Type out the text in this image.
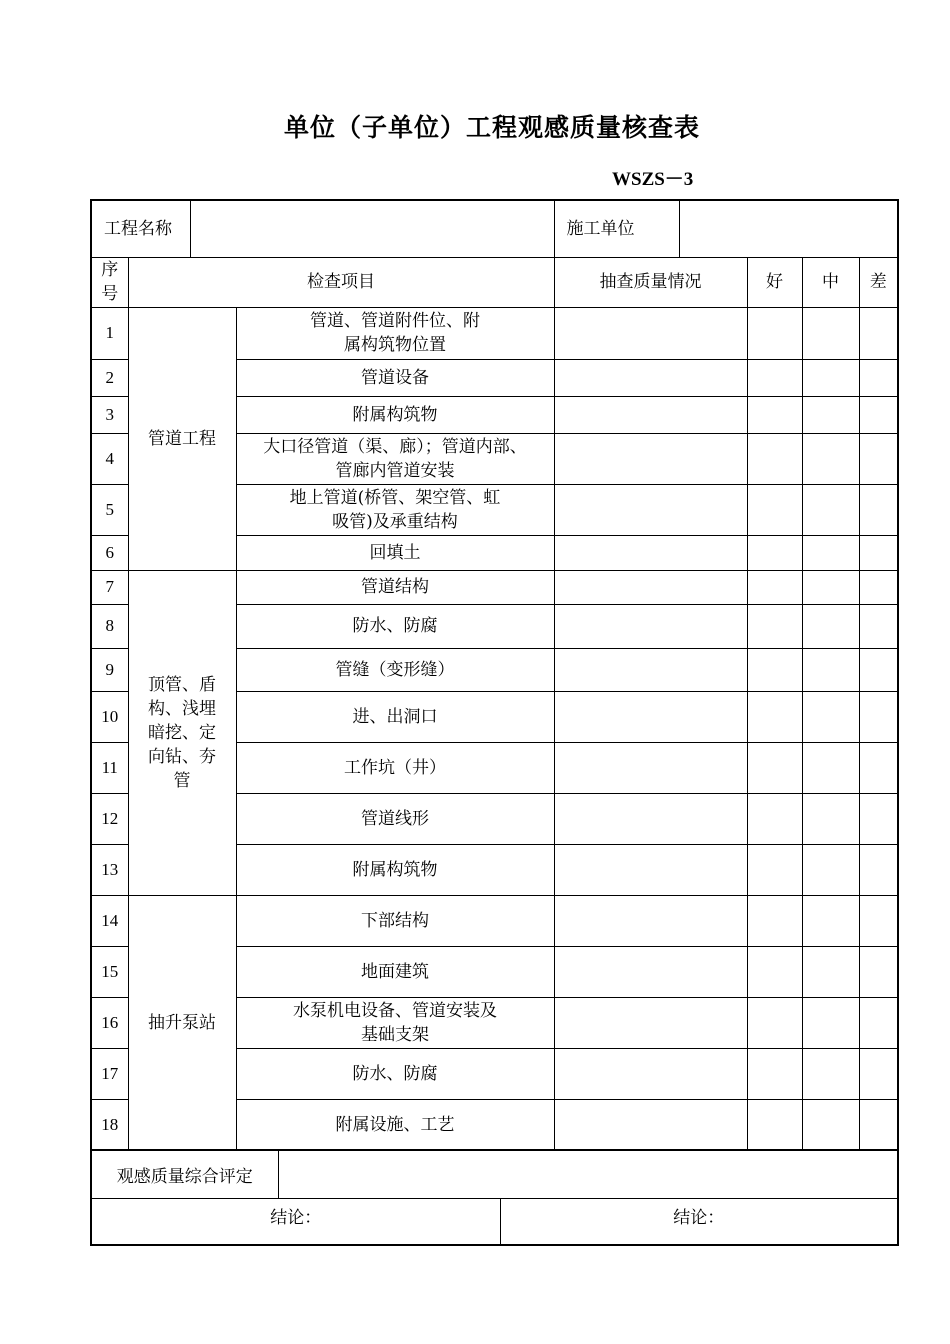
单位（子单位）工程观感质量核查表
WSZS－3
工程名称				施工单位				
序号	检查项目			抽查质量情况		好	中	差
1	管道工程		管道、管道附件位、附属构筑物位置					
2			管道设备					
3			附属构筑物					
4			大口径管道（渠、廊）；管道内部、管廊内管道安装					
5			地上管道(桥管、架空管、虹吸管)及承重结构					
6			回填土					
7	顶管、盾构、浅埋暗挖、定向钻、夯管		管道结构					
8			防水、防腐					
9			管缝（变形缝）					
10			进、出洞口					
11			工作坑（井）					
12			管道线形					
13			附属构筑物					
14	抽升泵站		下部结构					
15			地面建筑					
16			水泵机电设备、管道安装及基础支架					
17			防水、防腐					
18			附属设施、工艺					
观感质量综合评定		
结论：		结论：
